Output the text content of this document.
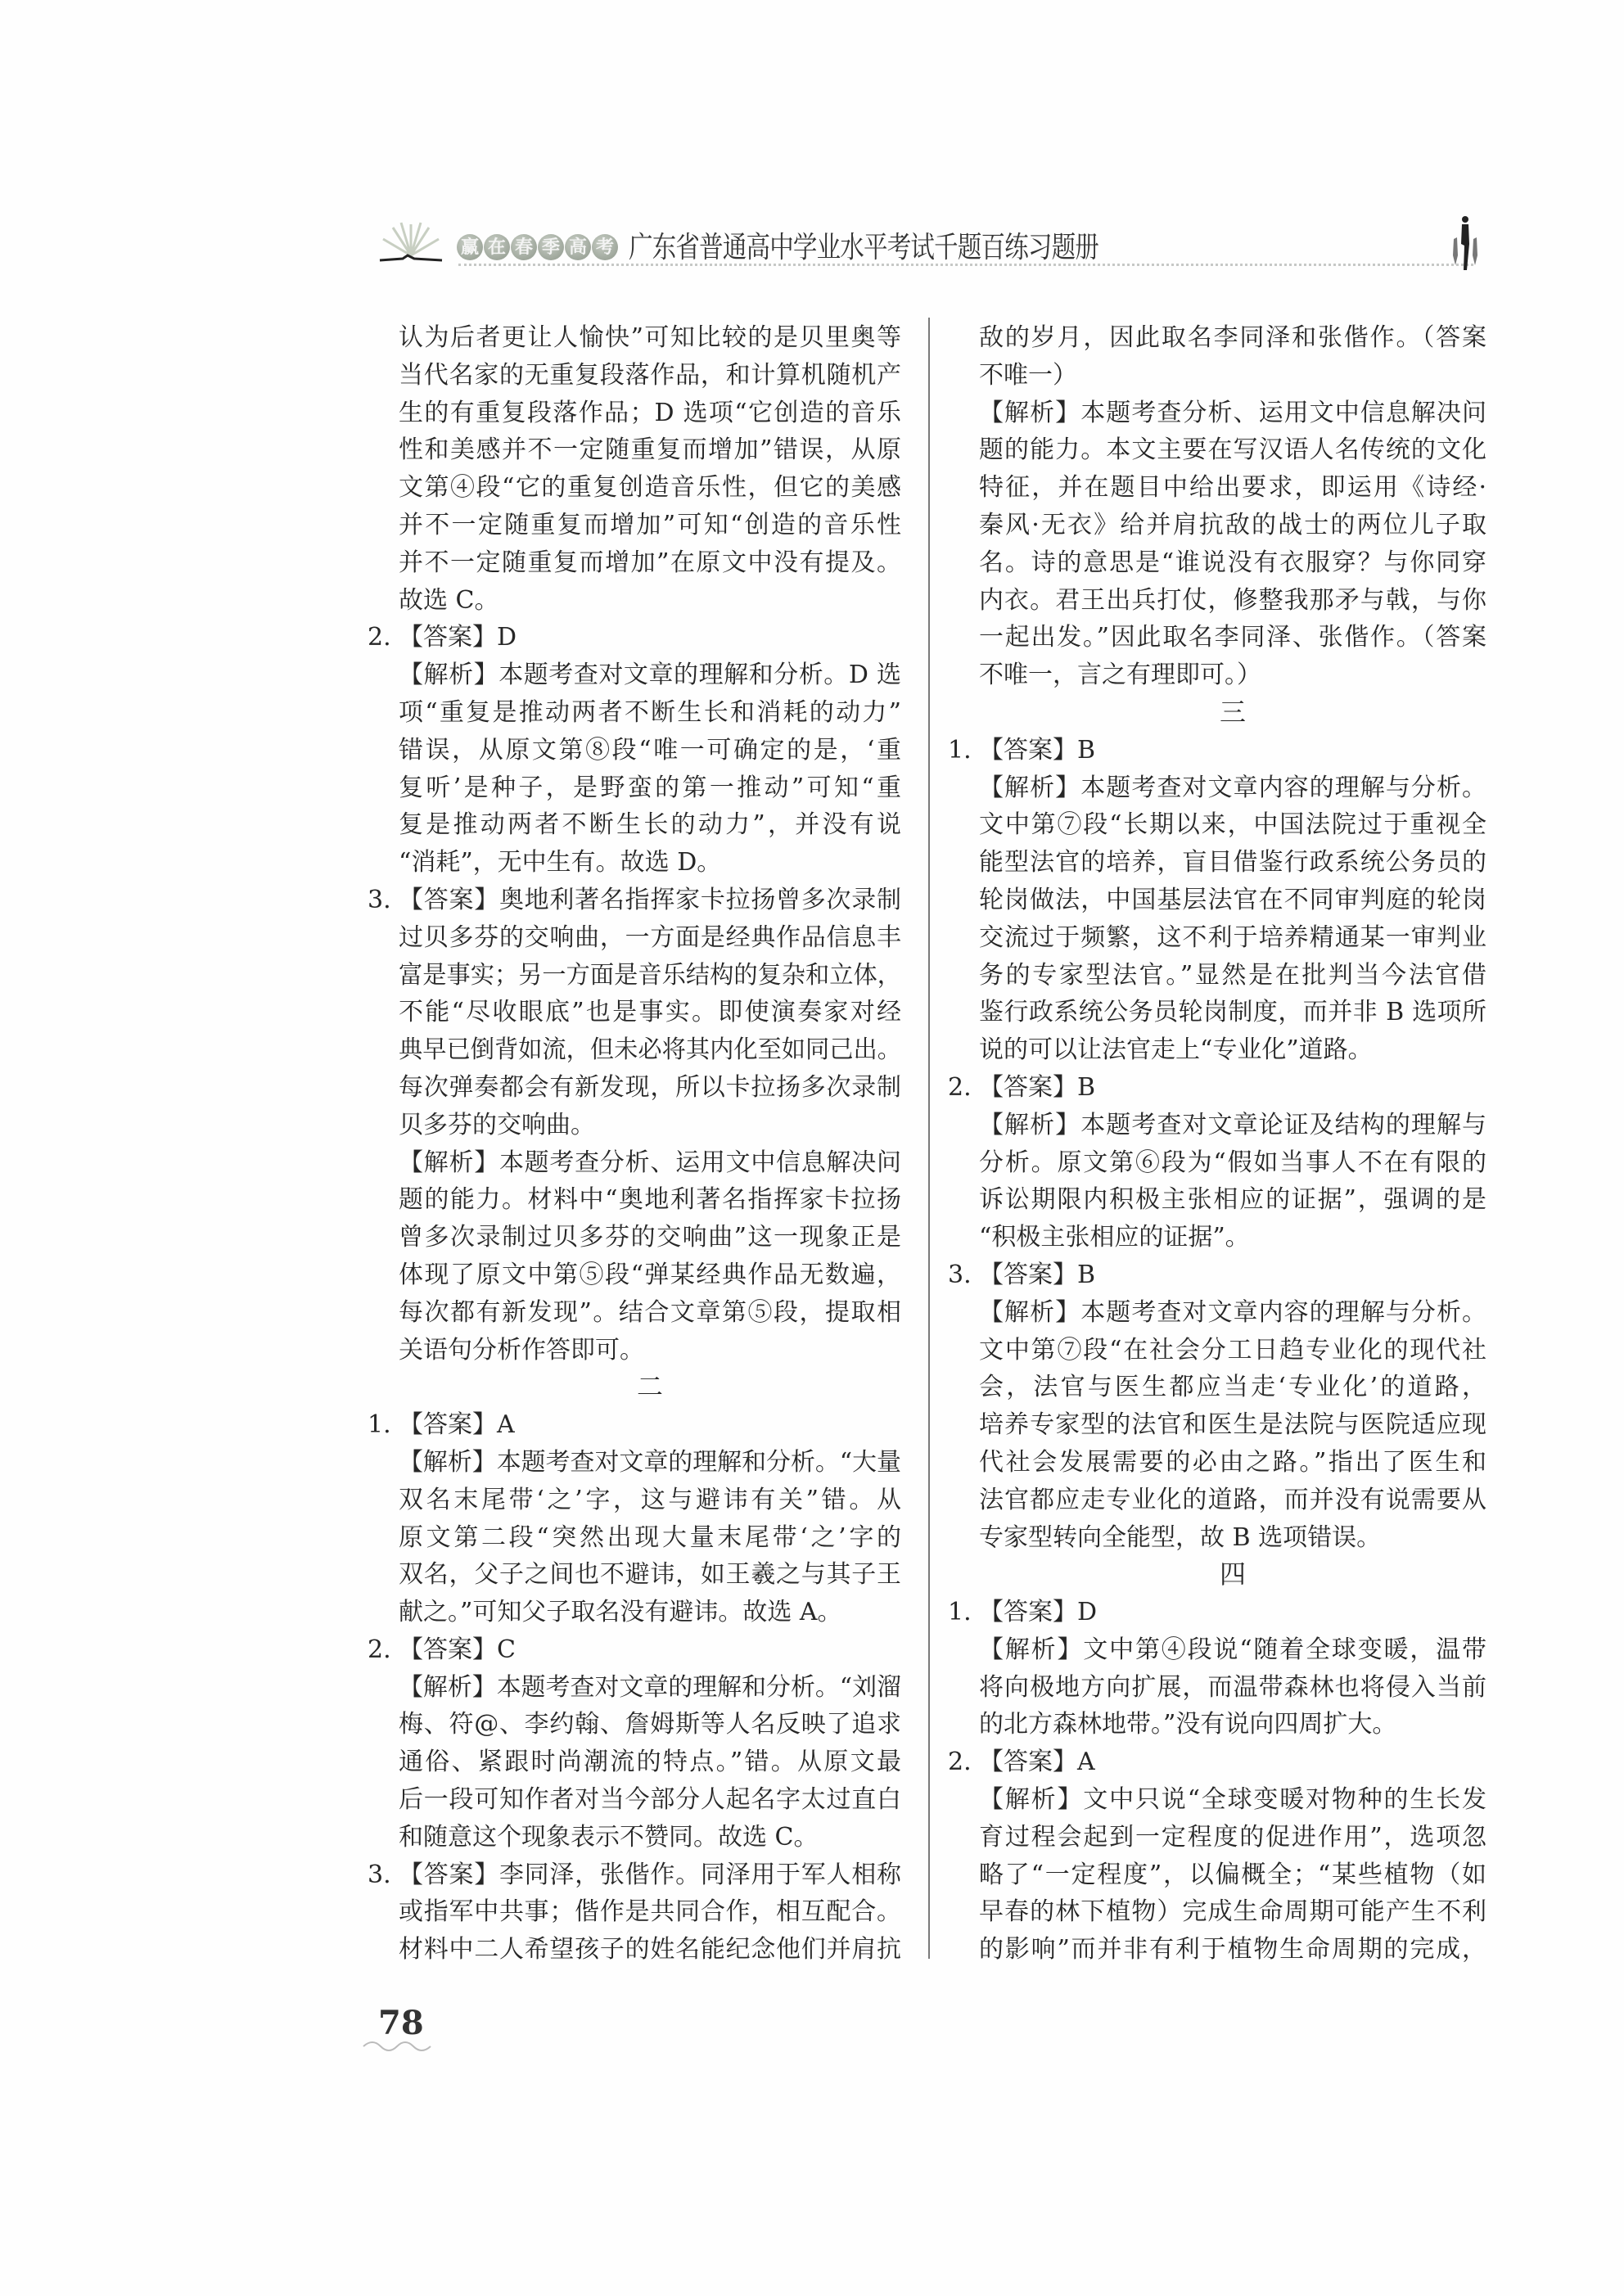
赢 在 春 季 高 考 广东省普通高中学业水平考试千题百练习题册
认为后者更让人愉快”可知比较的是贝里奥等
当代名家的无重复段落作品，和计算机随机产
生的有重复段落作品；D 选项“它创造的音乐
性和美感并不一定随重复而增加”错误，从原
文第④段“它的重复创造音乐性，但它的美感
并不一定随重复而增加”可知“创造的音乐性
并不一定随重复而增加”在原文中没有提及。
故选 C。
2. 【答案】D
【解析】本题考查对文章的理解和分析。D 选
项“重复是推动两者不断生长和消耗的动力”
错误，从原文第⑧段“唯一可确定的是，‘重
复听’是种子，是野蛮的第一推动”可知“重
复是推动两者不断生长的动力”，并没有说
“消耗”，无中生有。故选 D。
3. 【答案】奥地利著名指挥家卡拉扬曾多次录制
过贝多芬的交响曲，一方面是经典作品信息丰
富是事实；另一方面是音乐结构的复杂和立体，
不能“尽收眼底”也是事实。即使演奏家对经
典早已倒背如流，但未必将其内化至如同己出。
每次弹奏都会有新发现，所以卡拉扬多次录制
贝多芬的交响曲。
【解析】本题考查分析、运用文中信息解决问
题的能力。材料中“奥地利著名指挥家卡拉扬
曾多次录制过贝多芬的交响曲”这一现象正是
体现了原文中第⑤段“弹某经典作品无数遍，
每次都有新发现”。结合文章第⑤段，提取相
关语句分析作答即可。
二
1. 【答案】A
【解析】本题考查对文章的理解和分析。“大量
双名末尾带‘之’字，这与避讳有关”错。从
原文第二段“突然出现大量末尾带‘之’字的
双名，父子之间也不避讳，如王羲之与其子王
献之。”可知父子取名没有避讳。故选 A。
2. 【答案】C
【解析】本题考查对文章的理解和分析。“刘溜
梅、符@、李约翰、詹姆斯等人名反映了追求
通俗、紧跟时尚潮流的特点。”错。从原文最
后一段可知作者对当今部分人起名字太过直白
和随意这个现象表示不赞同。故选 C。
3. 【答案】李同泽，张偕作。同泽用于军人相称
或指军中共事；偕作是共同合作，相互配合。
材料中二人希望孩子的姓名能纪念他们并肩抗
敌的岁月，因此取名李同泽和张偕作。（答案
不唯一）
【解析】本题考查分析、运用文中信息解决问
题的能力。本文主要在写汉语人名传统的文化
特征，并在题目中给出要求，即运用《诗经·
秦风·无衣》给并肩抗敌的战士的两位儿子取
名。诗的意思是“谁说没有衣服穿？与你同穿
内衣。君王出兵打仗，修整我那矛与戟，与你
一起出发。”因此取名李同泽、张偕作。（答案
不唯一，言之有理即可。）
三
1. 【答案】B
【解析】本题考查对文章内容的理解与分析。
文中第⑦段“长期以来，中国法院过于重视全
能型法官的培养，盲目借鉴行政系统公务员的
轮岗做法，中国基层法官在不同审判庭的轮岗
交流过于频繁，这不利于培养精通某一审判业
务的专家型法官。”显然是在批判当今法官借
鉴行政系统公务员轮岗制度，而并非 B 选项所
说的可以让法官走上“专业化”道路。
2. 【答案】B
【解析】本题考查对文章论证及结构的理解与
分析。原文第⑥段为“假如当事人不在有限的
诉讼期限内积极主张相应的证据”，强调的是
“积极主张相应的证据”。
3. 【答案】B
【解析】本题考查对文章内容的理解与分析。
文中第⑦段“在社会分工日趋专业化的现代社
会，法官与医生都应当走‘专业化’的道路，
培养专家型的法官和医生是法院与医院适应现
代社会发展需要的必由之路。”指出了医生和
法官都应走专业化的道路，而并没有说需要从
专家型转向全能型，故 B 选项错误。
四
1. 【答案】D
【解析】文中第④段说“随着全球变暖，温带
将向极地方向扩展，而温带森林也将侵入当前
的北方森林地带。”没有说向四周扩大。
2. 【答案】A
【解析】文中只说“全球变暖对物种的生长发
育过程会起到一定程度的促进作用”，选项忽
略了“一定程度”，以偏概全；“某些植物（如
早春的林下植物）完成生命周期可能产生不利
的影响”而并非有利于植物生命周期的完成，
78
